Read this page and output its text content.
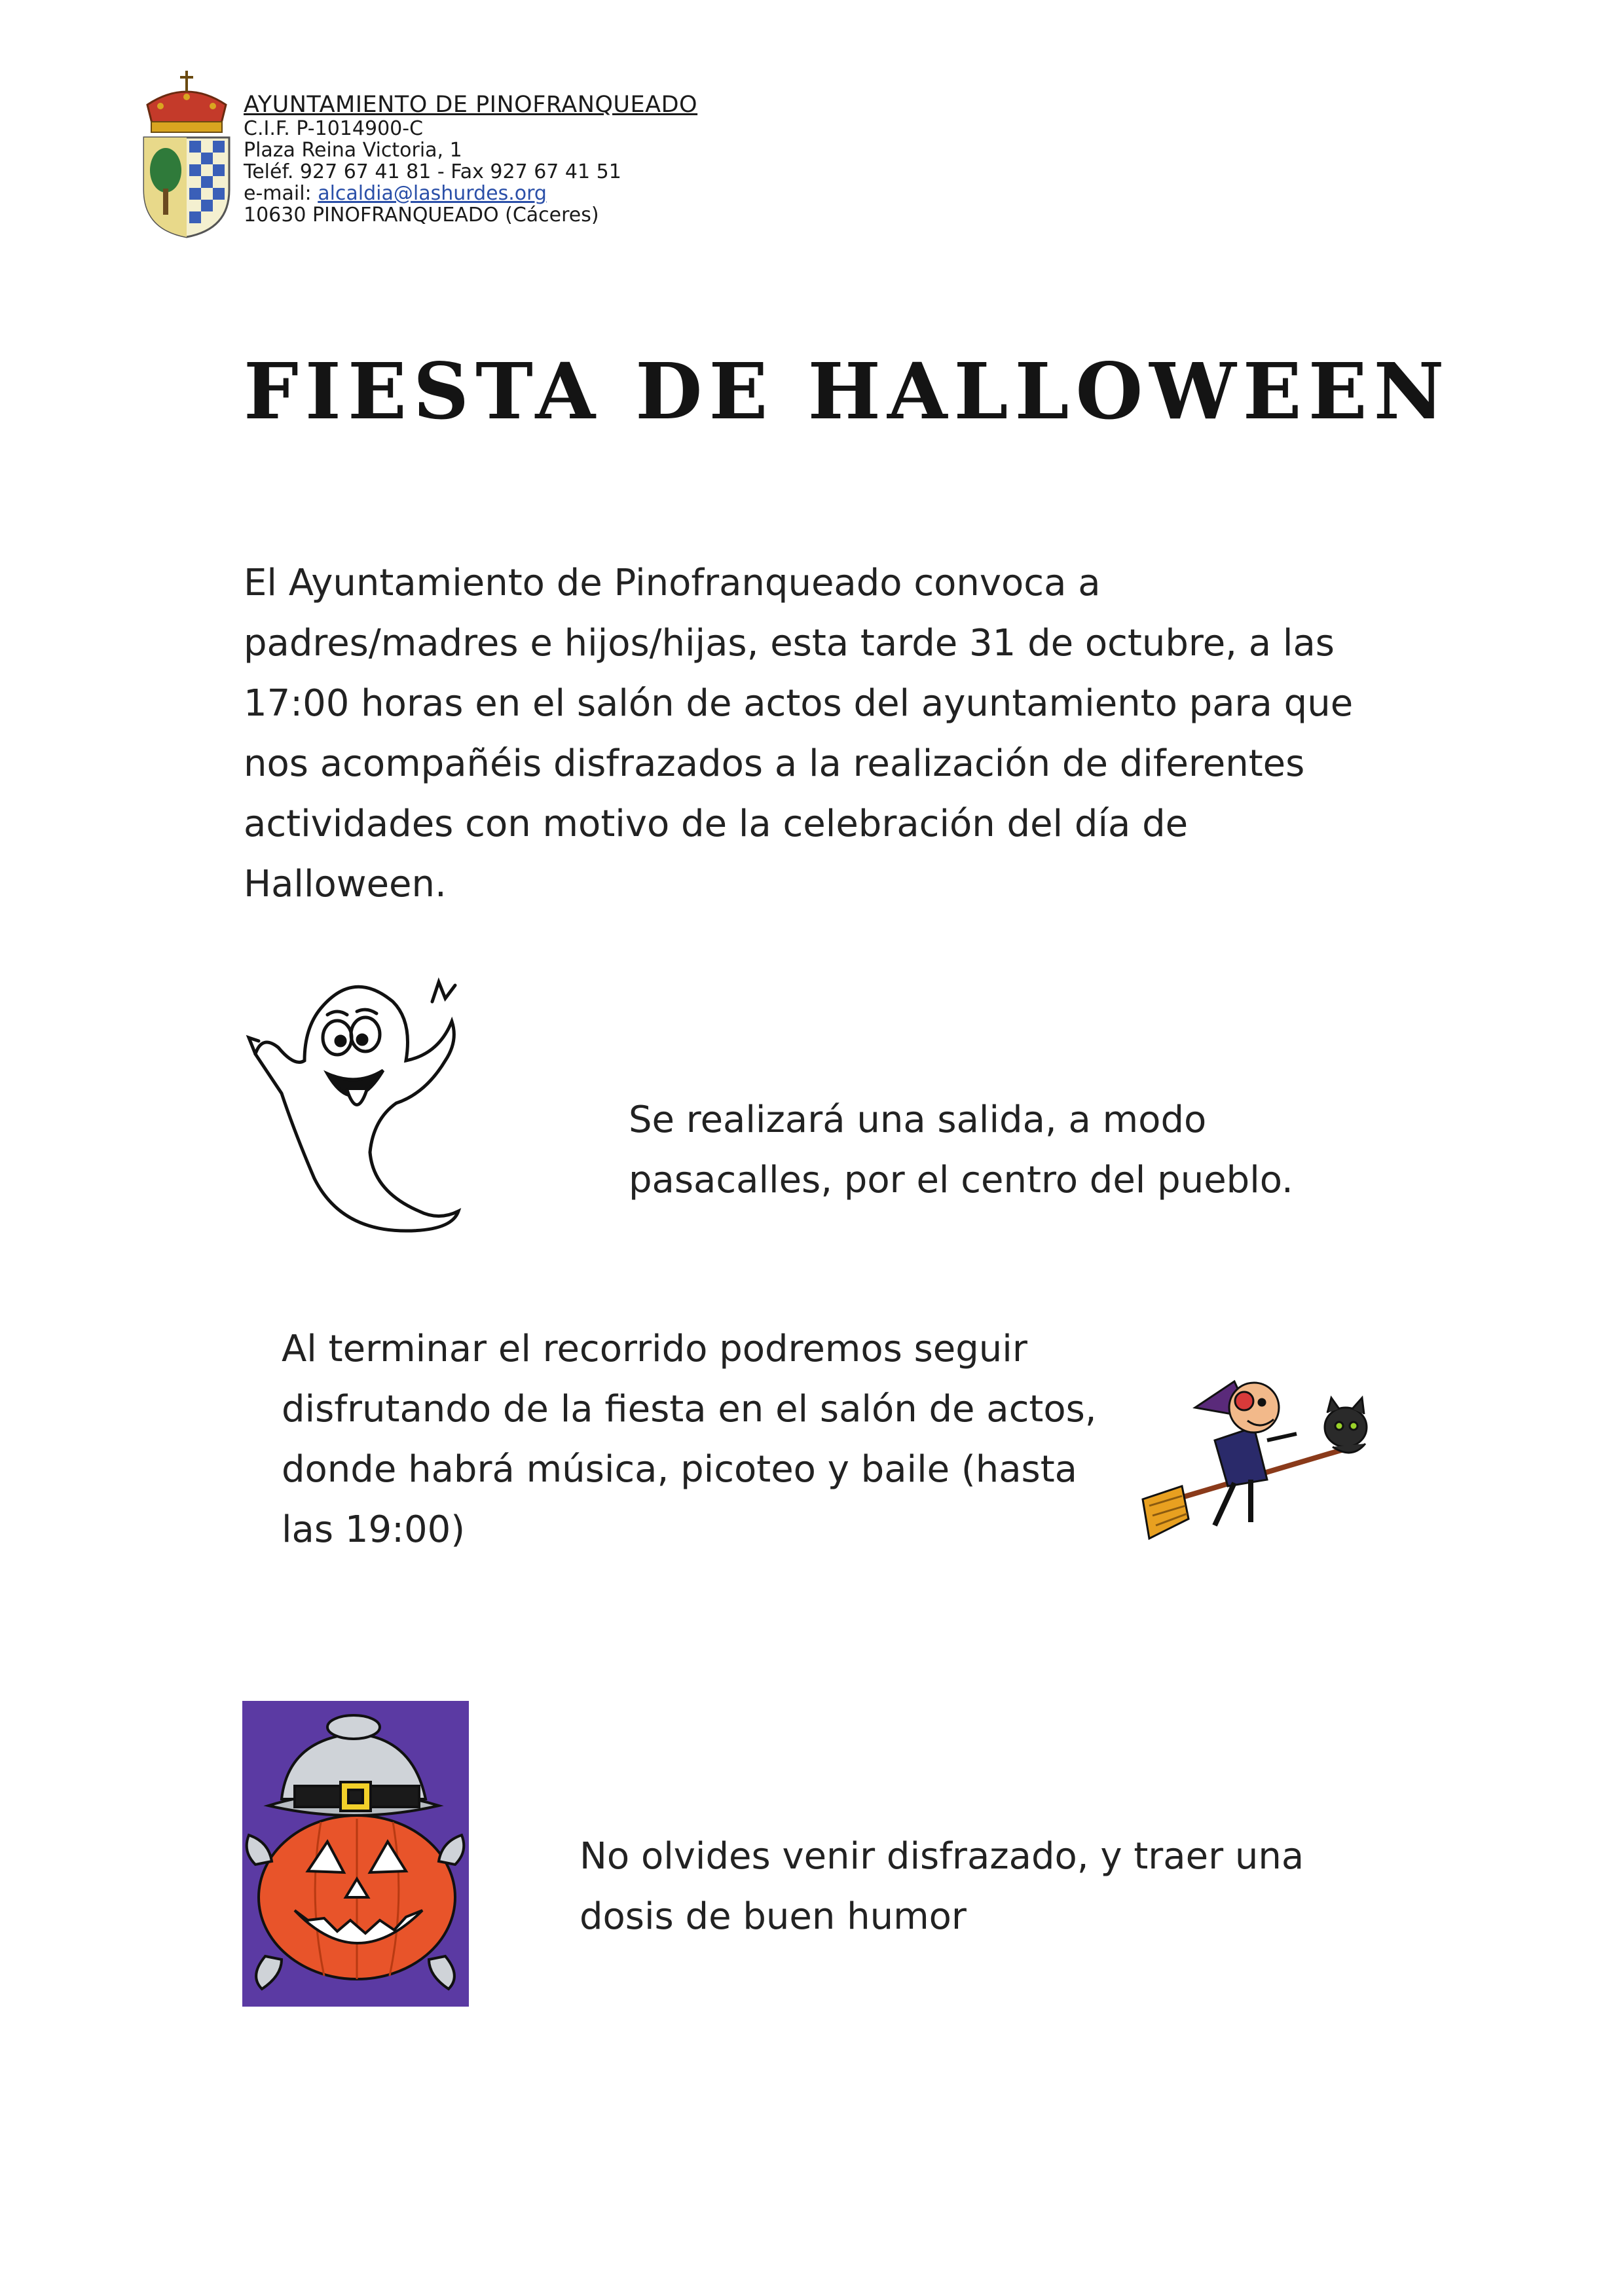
AYUNTAMIENTO DE PINOFRANQUEADO
C.I.F. P-1014900-C
Plaza Reina Victoria, 1
Teléf. 927 67 41 81 - Fax 927 67 41 51
e-mail: alcaldia@lashurdes.org
10630 PINOFRANQUEADO (Cáceres)
FIESTA DE HALLOWEEN
El Ayuntamiento de Pinofranqueado convoca a padres/madres e hijos/hijas, esta tarde 31 de octubre, a las 17:00 horas en el salón de actos del ayuntamiento para que nos acompañéis disfrazados a la realización de diferentes actividades con motivo de la celebración del día de Halloween.
Se realizará una salida, a modo pasacalles, por el centro del pueblo.
Al terminar el recorrido podremos seguir disfrutando de la fiesta en el salón de actos, donde habrá música, picoteo y baile (hasta las 19:00)
No olvides venir disfrazado, y traer una dosis de buen humor
